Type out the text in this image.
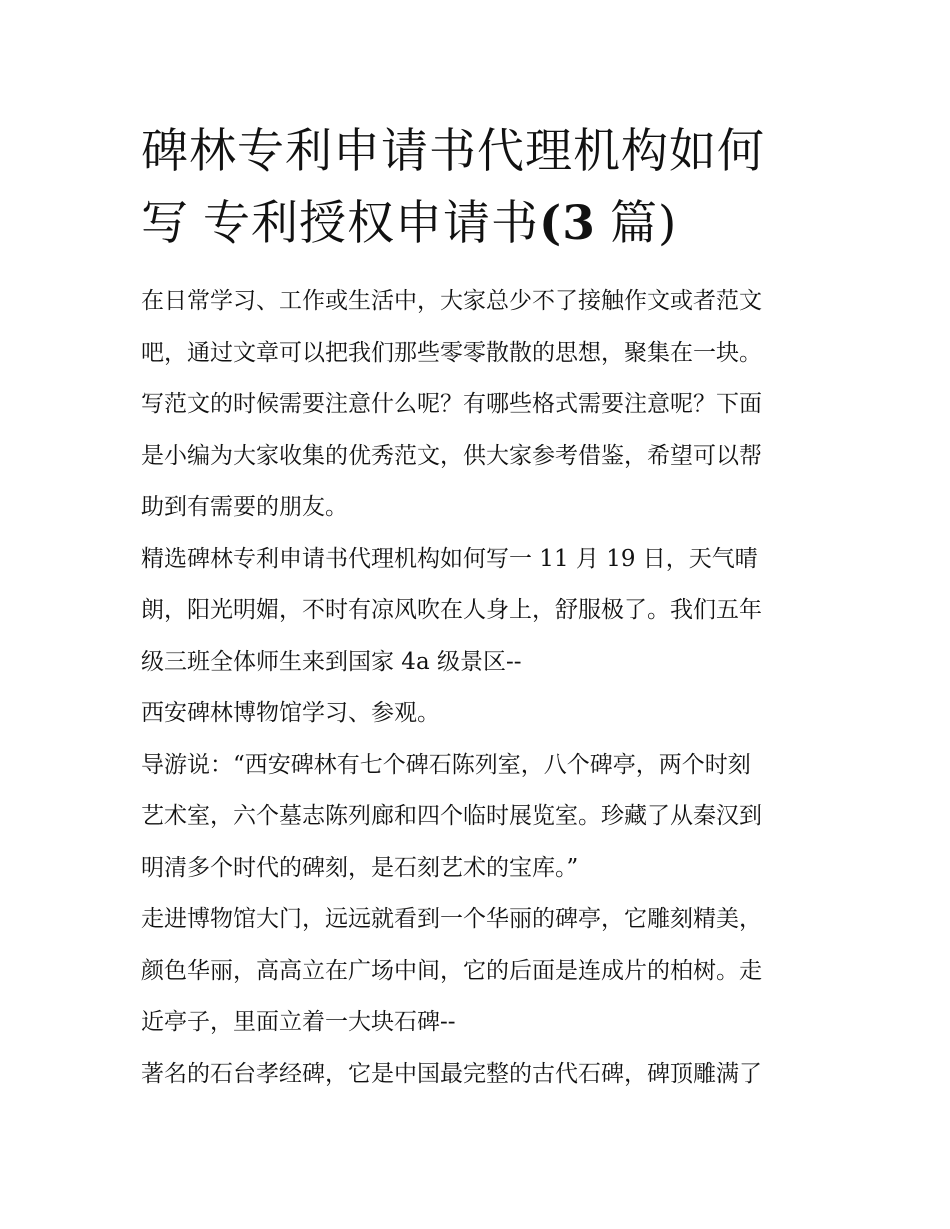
碑林专利申请书代理机构如何
写 专利授权申请书(3 篇)
在日常学习、工作或生活中，大家总少不了接触作文或者范文
吧，通过文章可以把我们那些零零散散的思想，聚集在一块。
写范文的时候需要注意什么呢？有哪些格式需要注意呢？下面
是小编为大家收集的优秀范文，供大家参考借鉴，希望可以帮
助到有需要的朋友。
精选碑林专利申请书代理机构如何写一 11 月 19 日，天气晴
朗，阳光明媚，不时有凉风吹在人身上，舒服极了。我们五年
级三班全体师生来到国家 4a 级景区--
西安碑林博物馆学习、参观。
导游说：“西安碑林有七个碑石陈列室，八个碑亭，两个时刻
艺术室，六个墓志陈列廊和四个临时展览室。珍藏了从秦汉到
明清多个时代的碑刻，是石刻艺术的宝库。”
走进博物馆大门，远远就看到一个华丽的碑亭，它雕刻精美，
颜色华丽，高高立在广场中间，它的后面是连成片的柏树。走
近亭子，里面立着一大块石碑--
著名的石台孝经碑，它是中国最完整的古代石碑，碑顶雕满了
